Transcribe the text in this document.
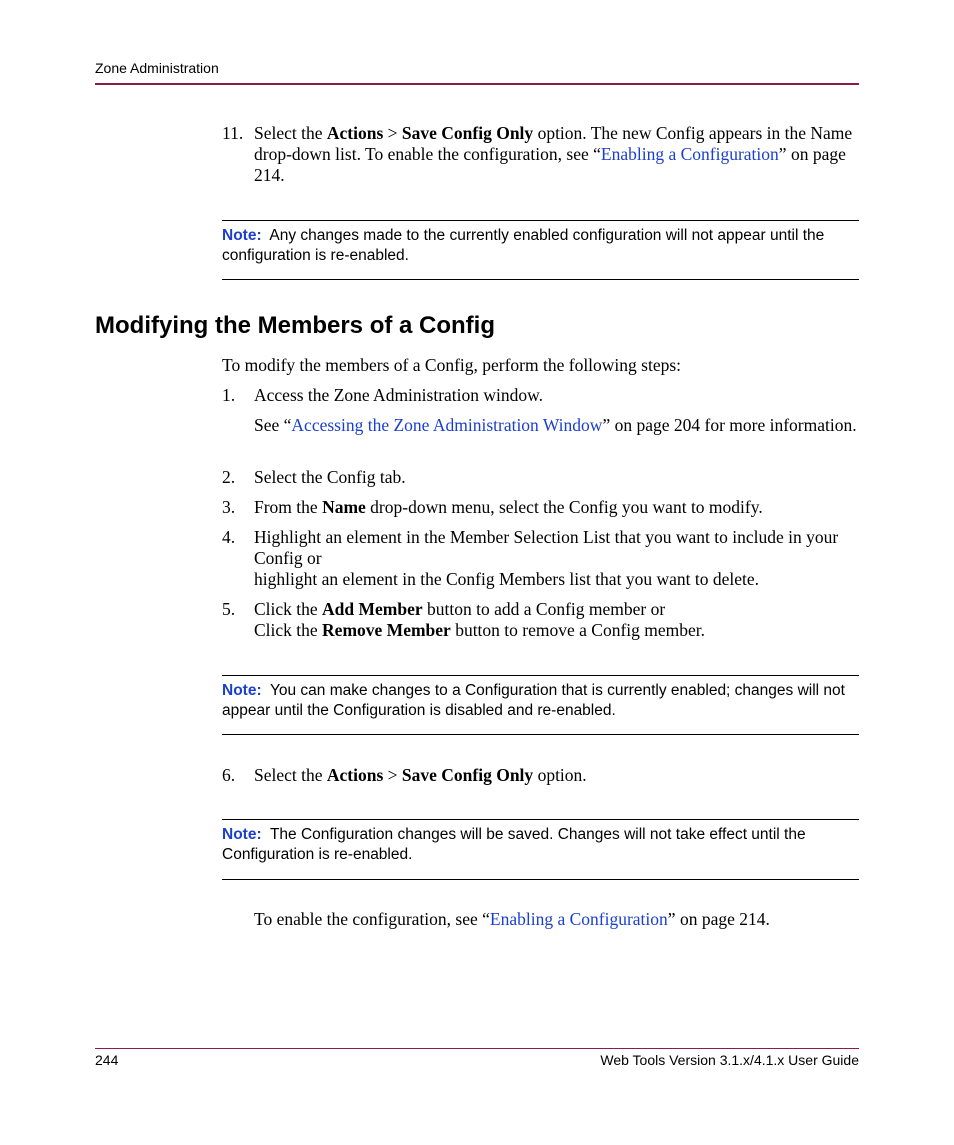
Zone Administration
11. Select the Actions > Save Config Only option. The new Config appears in the Name drop-down list. To enable the configuration, see “Enabling a Configuration” on page 214.
Note: Any changes made to the currently enabled configuration will not appear until the configuration is re-enabled.
Modifying the Members of a Config
To modify the members of a Config, perform the following steps:
1. Access the Zone Administration window.
See “Accessing the Zone Administration Window” on page 204 for more information.
2. Select the Config tab.
3. From the Name drop-down menu, select the Config you want to modify.
4. Highlight an element in the Member Selection List that you want to include in your Config or
highlight an element in the Config Members list that you want to delete.
5. Click the Add Member button to add a Config member or
Click the Remove Member button to remove a Config member.
Note: You can make changes to a Configuration that is currently enabled; changes will not appear until the Configuration is disabled and re-enabled.
6. Select the Actions > Save Config Only option.
Note: The Configuration changes will be saved. Changes will not take effect until the Configuration is re-enabled.
To enable the configuration, see “Enabling a Configuration” on page 214.
244	Web Tools Version 3.1.x/4.1.x User Guide
